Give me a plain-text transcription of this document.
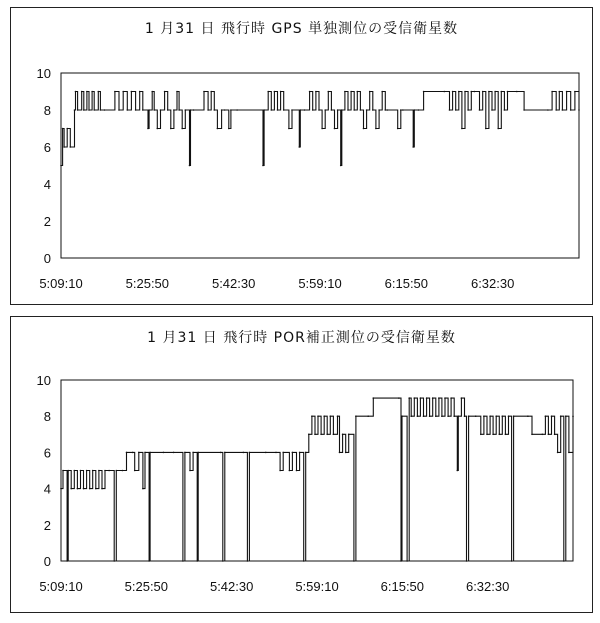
1 月31 日 飛行時 GPS 単独測位の受信衛星数
0
2
4
6
8
10
5:09:10	5:25:50	5:42:30	5:59:10	6:15:50	6:32:30
1 月31 日 飛行時 POR補正測位の受信衛星数
0
2
4
6
8
10
5:09:10	5:25:50	5:42:30	5:59:10	6:15:50	6:32:30
